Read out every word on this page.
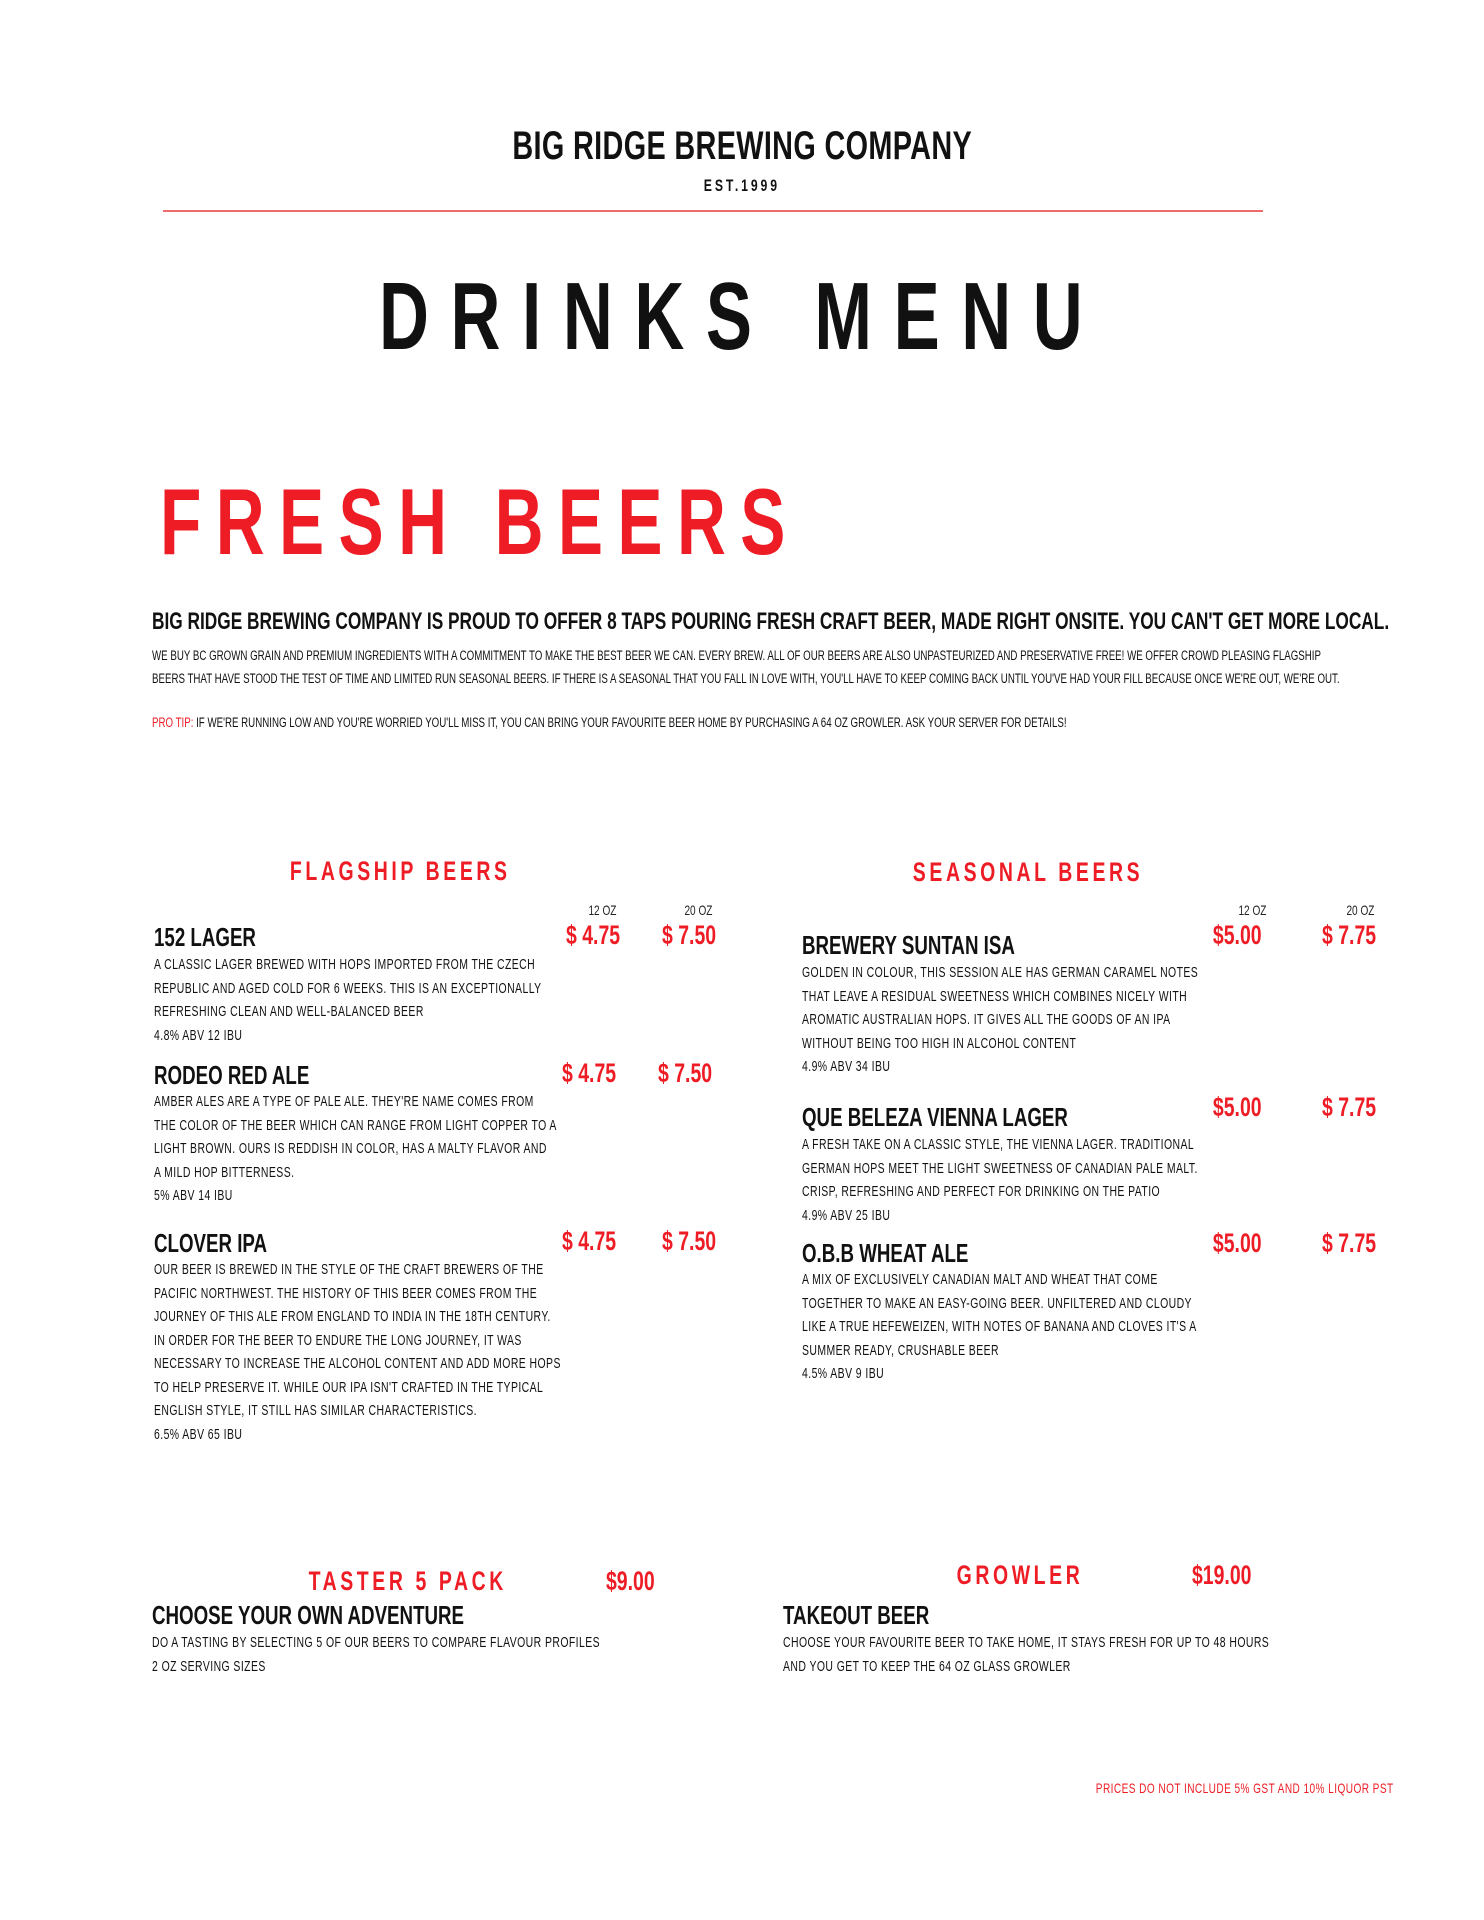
BIG RIDGE BREWING COMPANY
EST.1999
DRINKS MENU
FRESH BEERS
BIG RIDGE BREWING COMPANY IS PROUD TO OFFER 8 TAPS POURING FRESH CRAFT BEER, MADE RIGHT ONSITE. YOU CAN'T GET MORE LOCAL.
WE BUY BC GROWN GRAIN AND PREMIUM INGREDIENTS WITH A COMMITMENT TO MAKE THE BEST BEER WE CAN. EVERY BREW. ALL OF OUR BEERS ARE ALSO UNPASTEURIZED AND PRESERVATIVE FREE! WE OFFER CROWD PLEASING FLAGSHIP
BEERS THAT HAVE STOOD THE TEST OF TIME AND LIMITED RUN SEASONAL BEERS. IF THERE IS A SEASONAL THAT YOU FALL IN LOVE WITH, YOU'LL HAVE TO KEEP COMING BACK UNTIL YOU'VE HAD YOUR FILL BECAUSE ONCE WE'RE OUT, WE'RE OUT.
PRO TIP: IF WE'RE RUNNING LOW AND YOU'RE WORRIED YOU'LL MISS IT, YOU CAN BRING YOUR FAVOURITE BEER HOME BY PURCHASING A 64 OZ GROWLER. ASK YOUR SERVER FOR DETAILS!
FLAGSHIP BEERS
12 OZ	20 OZ
152 LAGER	$ 4.75	$ 7.50
A CLASSIC LAGER BREWED WITH HOPS IMPORTED FROM THE CZECH
REPUBLIC AND AGED COLD FOR 6 WEEKS. THIS IS AN EXCEPTIONALLY
REFRESHING CLEAN AND WELL-BALANCED BEER
4.8% ABV 12 IBU
RODEO RED ALE	$ 4.75	$ 7.50
AMBER ALES ARE A TYPE OF PALE ALE. THEY'RE NAME COMES FROM
THE COLOR OF THE BEER WHICH CAN RANGE FROM LIGHT COPPER TO A
LIGHT BROWN. OURS IS REDDISH IN COLOR, HAS A MALTY FLAVOR AND
A MILD HOP BITTERNESS.
5% ABV 14 IBU
CLOVER IPA	$ 4.75	$ 7.50
OUR BEER IS BREWED IN THE STYLE OF THE CRAFT BREWERS OF THE
PACIFIC NORTHWEST. THE HISTORY OF THIS BEER COMES FROM THE
JOURNEY OF THIS ALE FROM ENGLAND TO INDIA IN THE 18TH CENTURY.
IN ORDER FOR THE BEER TO ENDURE THE LONG JOURNEY, IT WAS
NECESSARY TO INCREASE THE ALCOHOL CONTENT AND ADD MORE HOPS
TO HELP PRESERVE IT. WHILE OUR IPA ISN'T CRAFTED IN THE TYPICAL
ENGLISH STYLE, IT STILL HAS SIMILAR CHARACTERISTICS.
6.5% ABV 65 IBU
SEASONAL BEERS
12 OZ	20 OZ
BREWERY SUNTAN ISA	$5.00	$ 7.75
GOLDEN IN COLOUR, THIS SESSION ALE HAS GERMAN CARAMEL NOTES
THAT LEAVE A RESIDUAL SWEETNESS WHICH COMBINES NICELY WITH
AROMATIC AUSTRALIAN HOPS. IT GIVES ALL THE GOODS OF AN IPA
WITHOUT BEING TOO HIGH IN ALCOHOL CONTENT
4.9% ABV 34 IBU
QUE BELEZA VIENNA LAGER	$5.00	$ 7.75
A FRESH TAKE ON A CLASSIC STYLE, THE VIENNA LAGER. TRADITIONAL
GERMAN HOPS MEET THE LIGHT SWEETNESS OF CANADIAN PALE MALT.
CRISP, REFRESHING AND PERFECT FOR DRINKING ON THE PATIO
4.9% ABV 25 IBU
O.B.B WHEAT ALE	$5.00	$ 7.75
A MIX OF EXCLUSIVELY CANADIAN MALT AND WHEAT THAT COME
TOGETHER TO MAKE AN EASY-GOING BEER. UNFILTERED AND CLOUDY
LIKE A TRUE HEFEWEIZEN, WITH NOTES OF BANANA AND CLOVES IT'S A
SUMMER READY, CRUSHABLE BEER
4.5% ABV 9 IBU
TASTER 5 PACK	$9.00
CHOOSE YOUR OWN ADVENTURE
DO A TASTING BY SELECTING 5 OF OUR BEERS TO COMPARE FLAVOUR PROFILES
2 OZ SERVING SIZES
GROWLER	$19.00
TAKEOUT BEER
CHOOSE YOUR FAVOURITE BEER TO TAKE HOME, IT STAYS FRESH FOR UP TO 48 HOURS
AND YOU GET TO KEEP THE 64 OZ GLASS GROWLER
PRICES DO NOT INCLUDE 5% GST AND 10% LIQUOR PST
